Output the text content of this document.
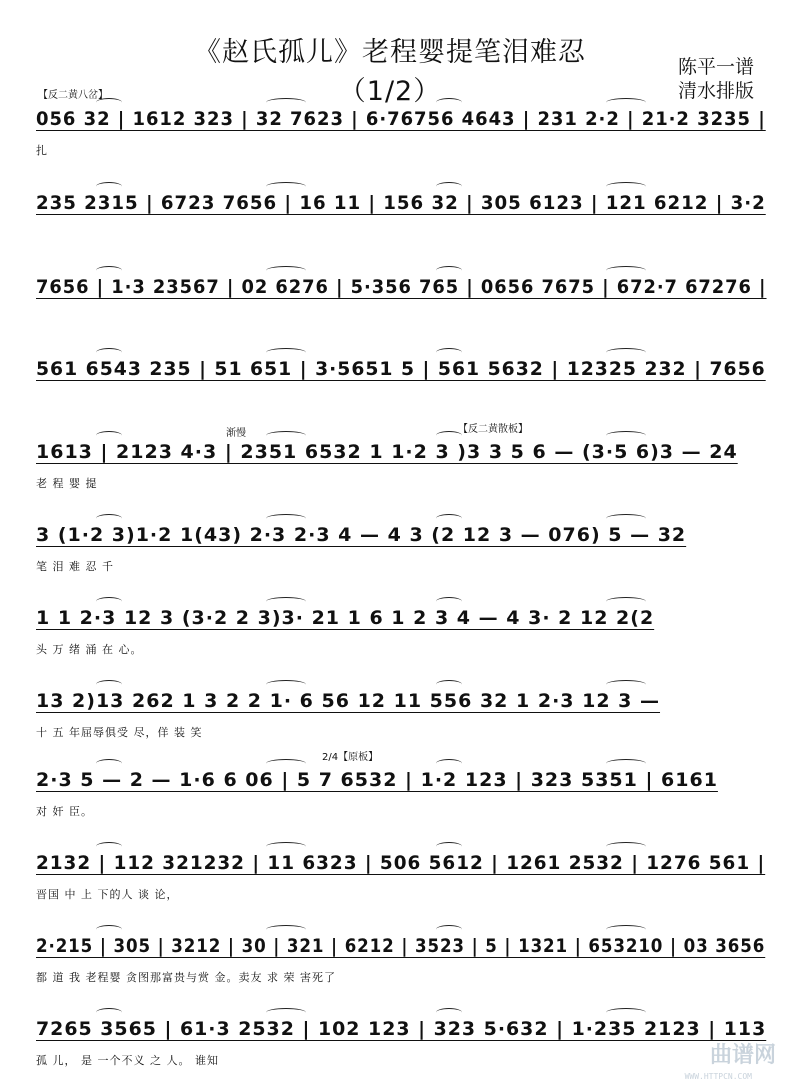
《赵氏孤儿》老程婴提笔泪难忍（1/2）
陈平一谱
清水排版
【反二黄八岔】
渐慢	【反二黄散板】
2/4【原板】
056 32 | 1612 323 | 32 7623 | 6·76756 4643 | 231 2·2 | 21·2 3235 |
扎
235 2315 | 6723 7656 | 16 11 | 156 32 | 305 6123 | 121 6212 | 3·2
7656 | 1·3 23567 | 02 6276 | 5·356 765 | 0656 7675 | 672·7 67276 |
561 6543 235 | 51 651 | 3·5651 5 | 561 5632 | 12325 232 | 7656
1613 | 2123 4·3 | 2351 6532 1 1·2 3 )3 3 5 6 — (3·5 6)3 — 24
老 程 婴 提
3 (1·2 3)1·2 1(43) 2·3 2·3 4 — 4 3 (2 12 3 — 076) 5 — 32
笔 泪 难 忍 千
1 1 2·3 12 3 (3·2 2 3)3· 21 1 6 1 2 3 4 — 4 3· 2 12 2(2
头 万 绪 涌 在 心。
13 2)13 262 1 3 2 2 1· 6 56 12 11 556 32 1 2·3 12 3 —
十 五 年屈辱俱受 尽，佯 装 笑
2·3 5 — 2 — 1·6 6 06 | 5 7 6532 | 1·2 123 | 323 5351 | 6161
对 奸 臣。
2132 | 112 321232 | 11 6323 | 506 5612 | 1261 2532 | 1276 561 |
晋国 中 上 下的人 谈 论，
2·215 | 305 | 3212 | 30 | 321 | 6212 | 3523 | 5 | 1321 | 653210 | 03 3656
都 道 我 老程婴 贪图那富贵与赏 金。卖友 求 荣 害死了
7265 3565 | 61·3 2532 | 102 123 | 323 5·632 | 1·235 2123 | 113
孤 儿， 是 一个不义 之 人。 谁知	曲谱网
WWW.HTTPCN.COM
